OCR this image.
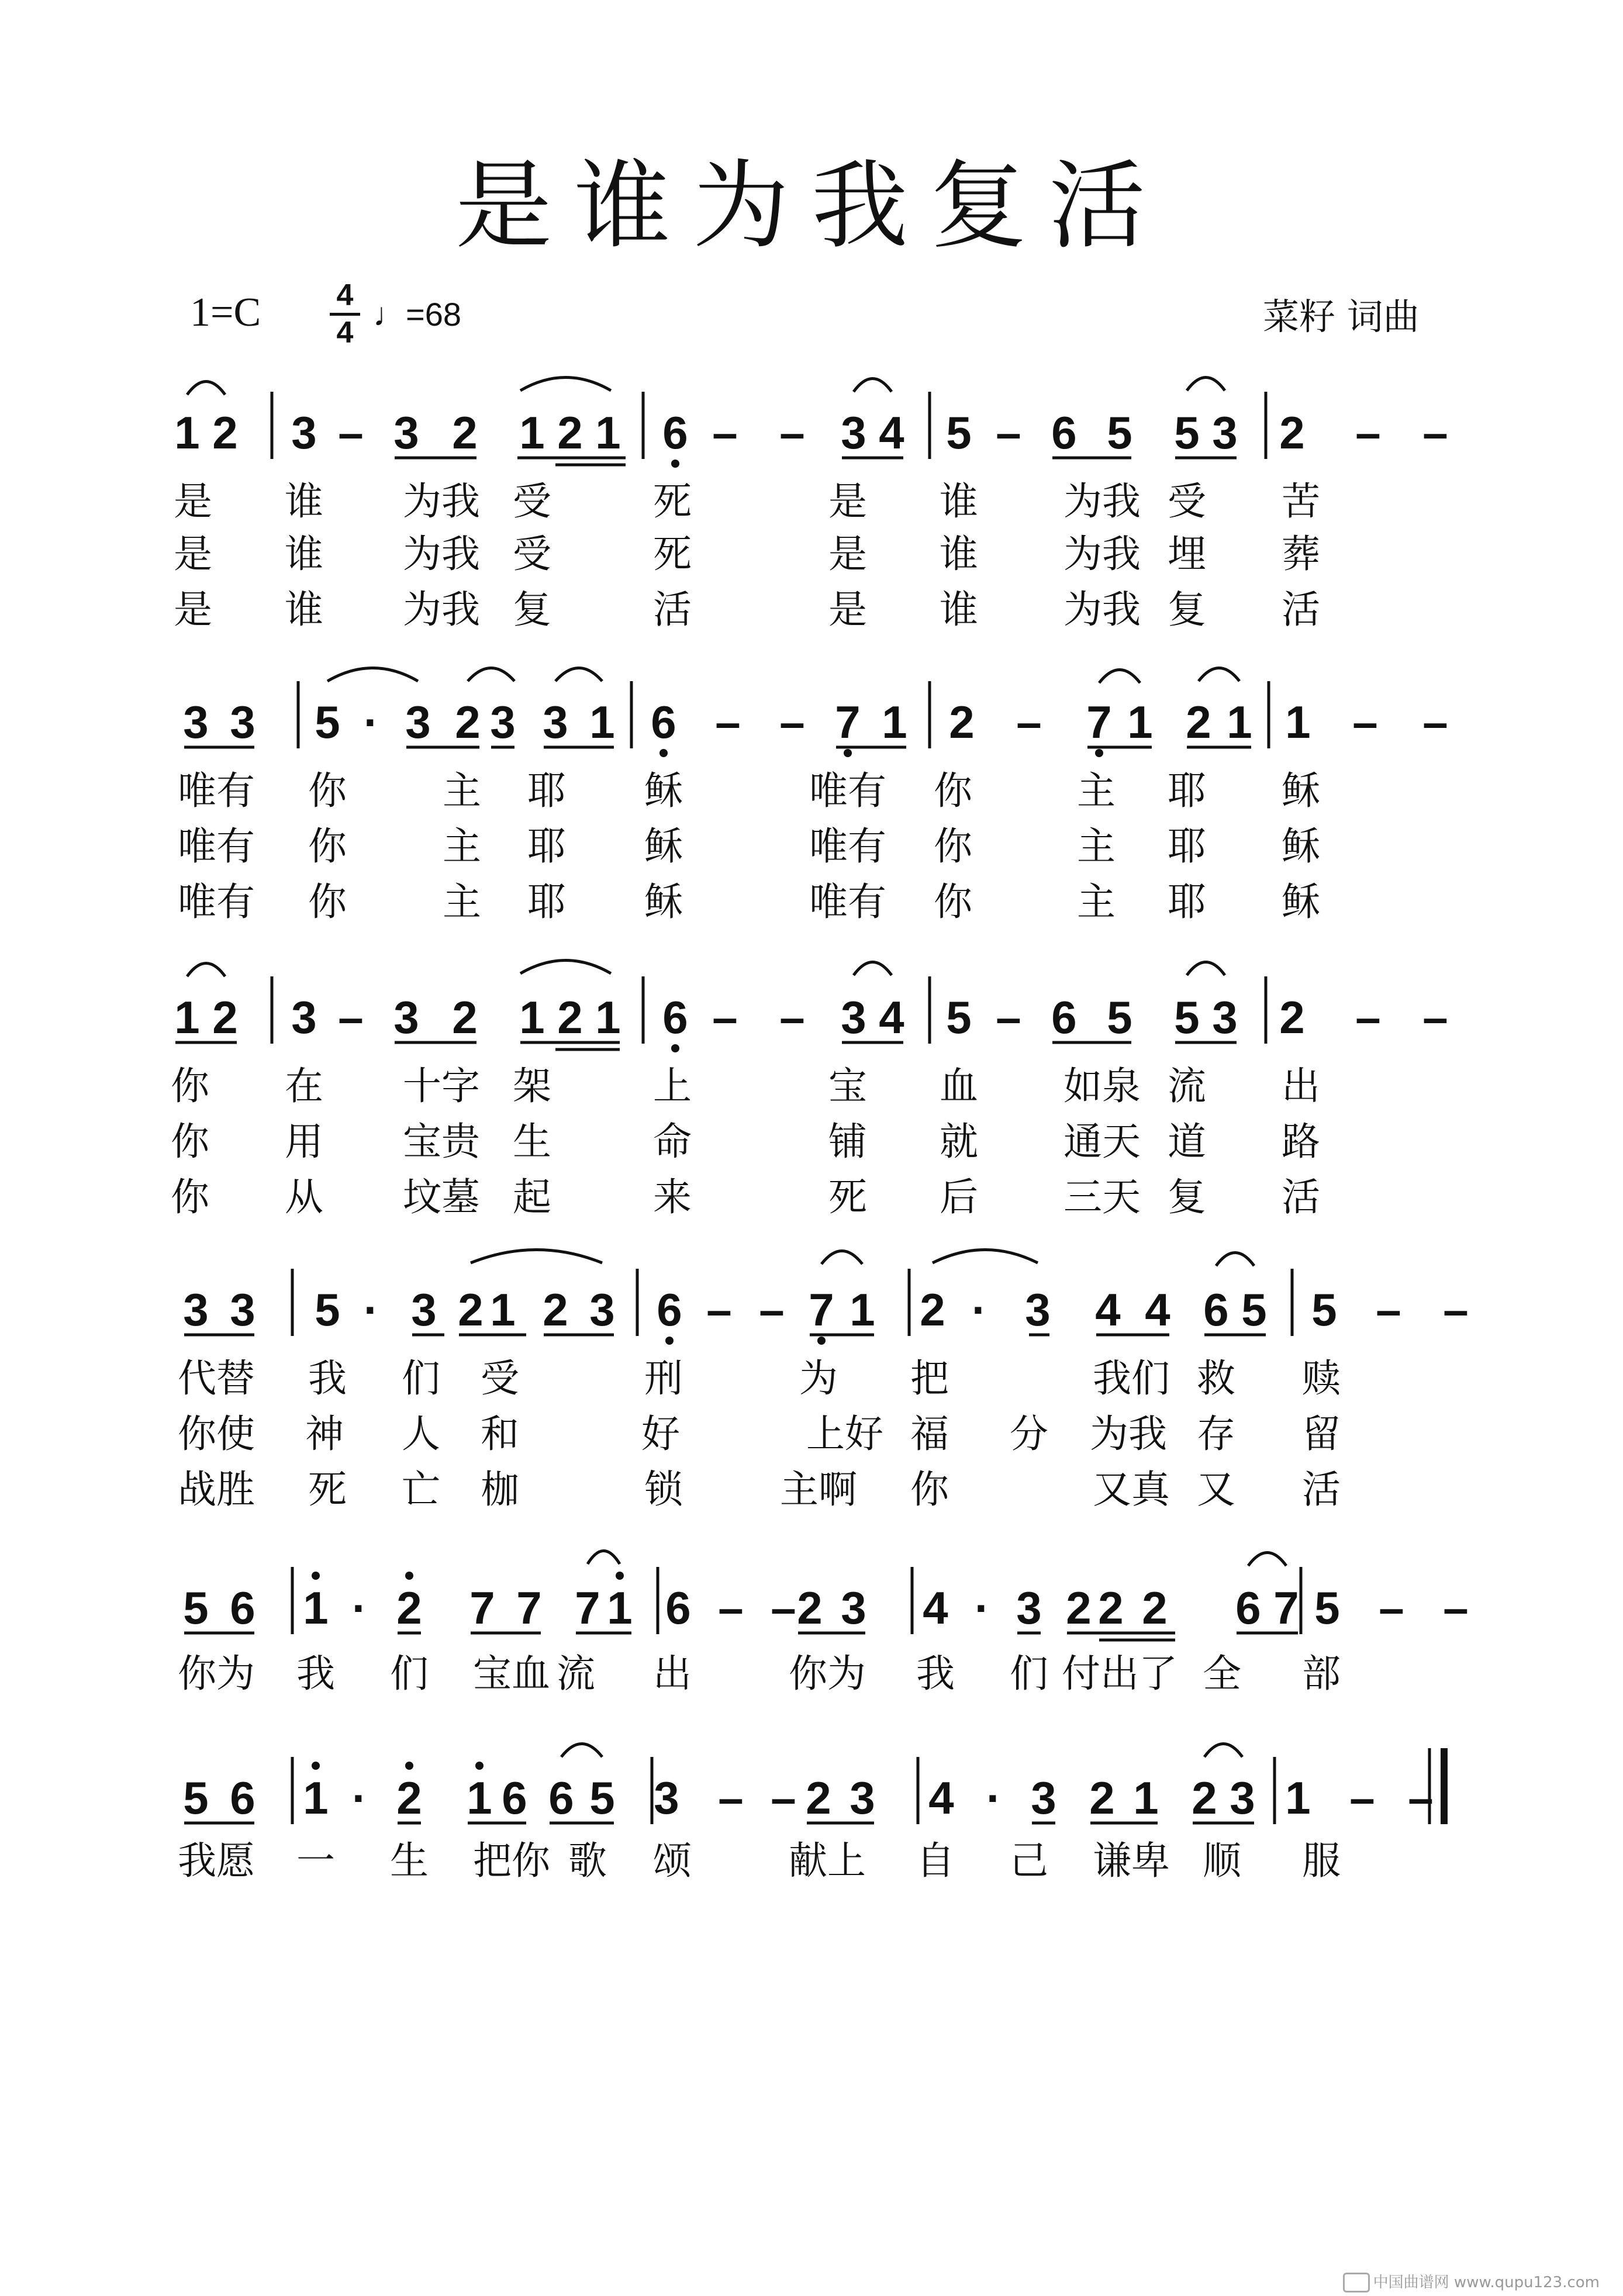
是谁为我复活
1=C 4
4 ♩=68	菜籽 词曲
1 2 3 – 3 2 1 2 1 6 – – 3 4 5 – 6 5 5 3 2 – –
3 3 5 · 3 2 3 3 1 6 – – 7 1 2 – 7 1 2 1 1 – –
1 2 3 – 3 2 1 2 1 6 – – 3 4 5 – 6 5 5 3 2 – –
3 3 5 · 3 2 1 2 3 6 – – 7 1 2 · 3 4 4 6 5 5 – –
5 6 1 · 2 7 7 7 1 6 – – 2 3 4 · 3 2 2 2 6 7 5 – –
5 6 1 · 2 1 6 6 5 3 – – 2 3 4 · 3 2 1 2 3 1 – –
是 谁 为我 受	死	是 谁 为我 受 苦
是 谁 为我 受	死	是 谁 为我 埋 葬
是 谁 为我 复	活	是 谁 为我 复 活
唯有 你 主 耶 稣	唯有 你	主 耶 稣
唯有 你 主 耶 稣	唯有 你	主 耶 稣
唯有 你 主 耶 稣	唯有 你	主 耶 稣
你 在 十字 架	上	宝 血 如泉 流 出
你 用 宝贵 生	命	铺 就 通天 道 路
你 从 坟墓 起	来	死 后 三天 复 活
代替 我 们 受	刑	为 把	我们 救 赎
你使 神 人 和	好	上好 福 分 为我 存 留
战胜 死 亡 枷	锁	主啊 你	又真 又 活
你为 我 们 宝血 流 出	你为 我 们 付出了 全 部
我愿 一 生 把你 歌 颂	献上 自 己 谦卑 顺 服
中国曲谱网 www.qupu123.com
